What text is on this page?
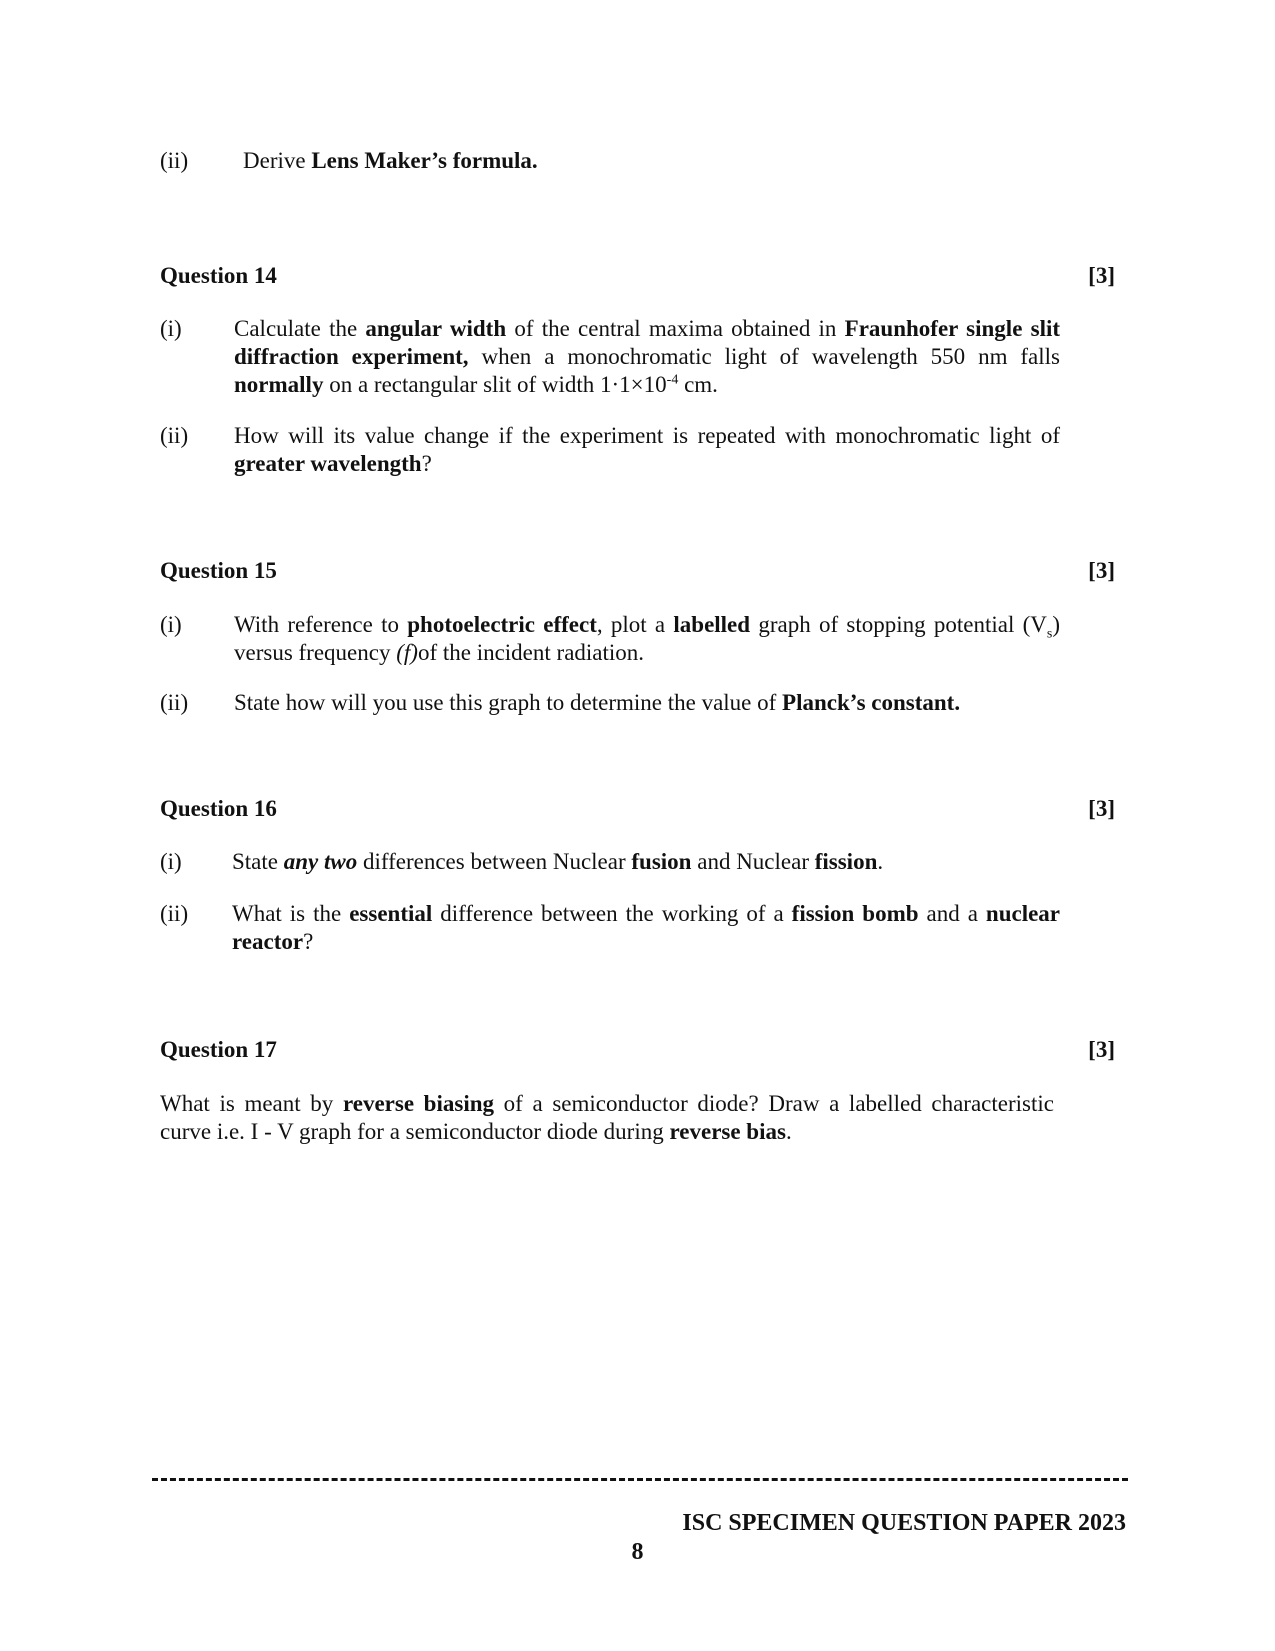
(ii) Derive Lens Maker’s formula.
Question 14	[3]
(i) Calculate the angular width of the central maxima obtained in Fraunhofer single slit diffraction experiment, when a monochromatic light of wavelength 550 nm falls normally on a rectangular slit of width $1\cdot 1\times 10^{-4}$ cm.
(ii) How will its value change if the experiment is repeated with monochromatic light of greater wavelength?
Question 15	[3]
(i) With reference to photoelectric effect, plot a labelled graph of stopping potential $(V_s)$ versus frequency (f)of the incident radiation.
(ii) State how will you use this graph to determine the value of Planck’s constant.
Question 16	[3]
(i) State any two differences between Nuclear fusion and Nuclear fission.
(ii) What is the essential difference between the working of a fission bomb and a nuclear reactor?
Question 17	[3]
What is meant by reverse biasing of a semiconductor diode? Draw a labelled characteristic curve i.e. I - V graph for a semiconductor diode during reverse bias.
ISC SPECIMEN QUESTION PAPER 2023
8
